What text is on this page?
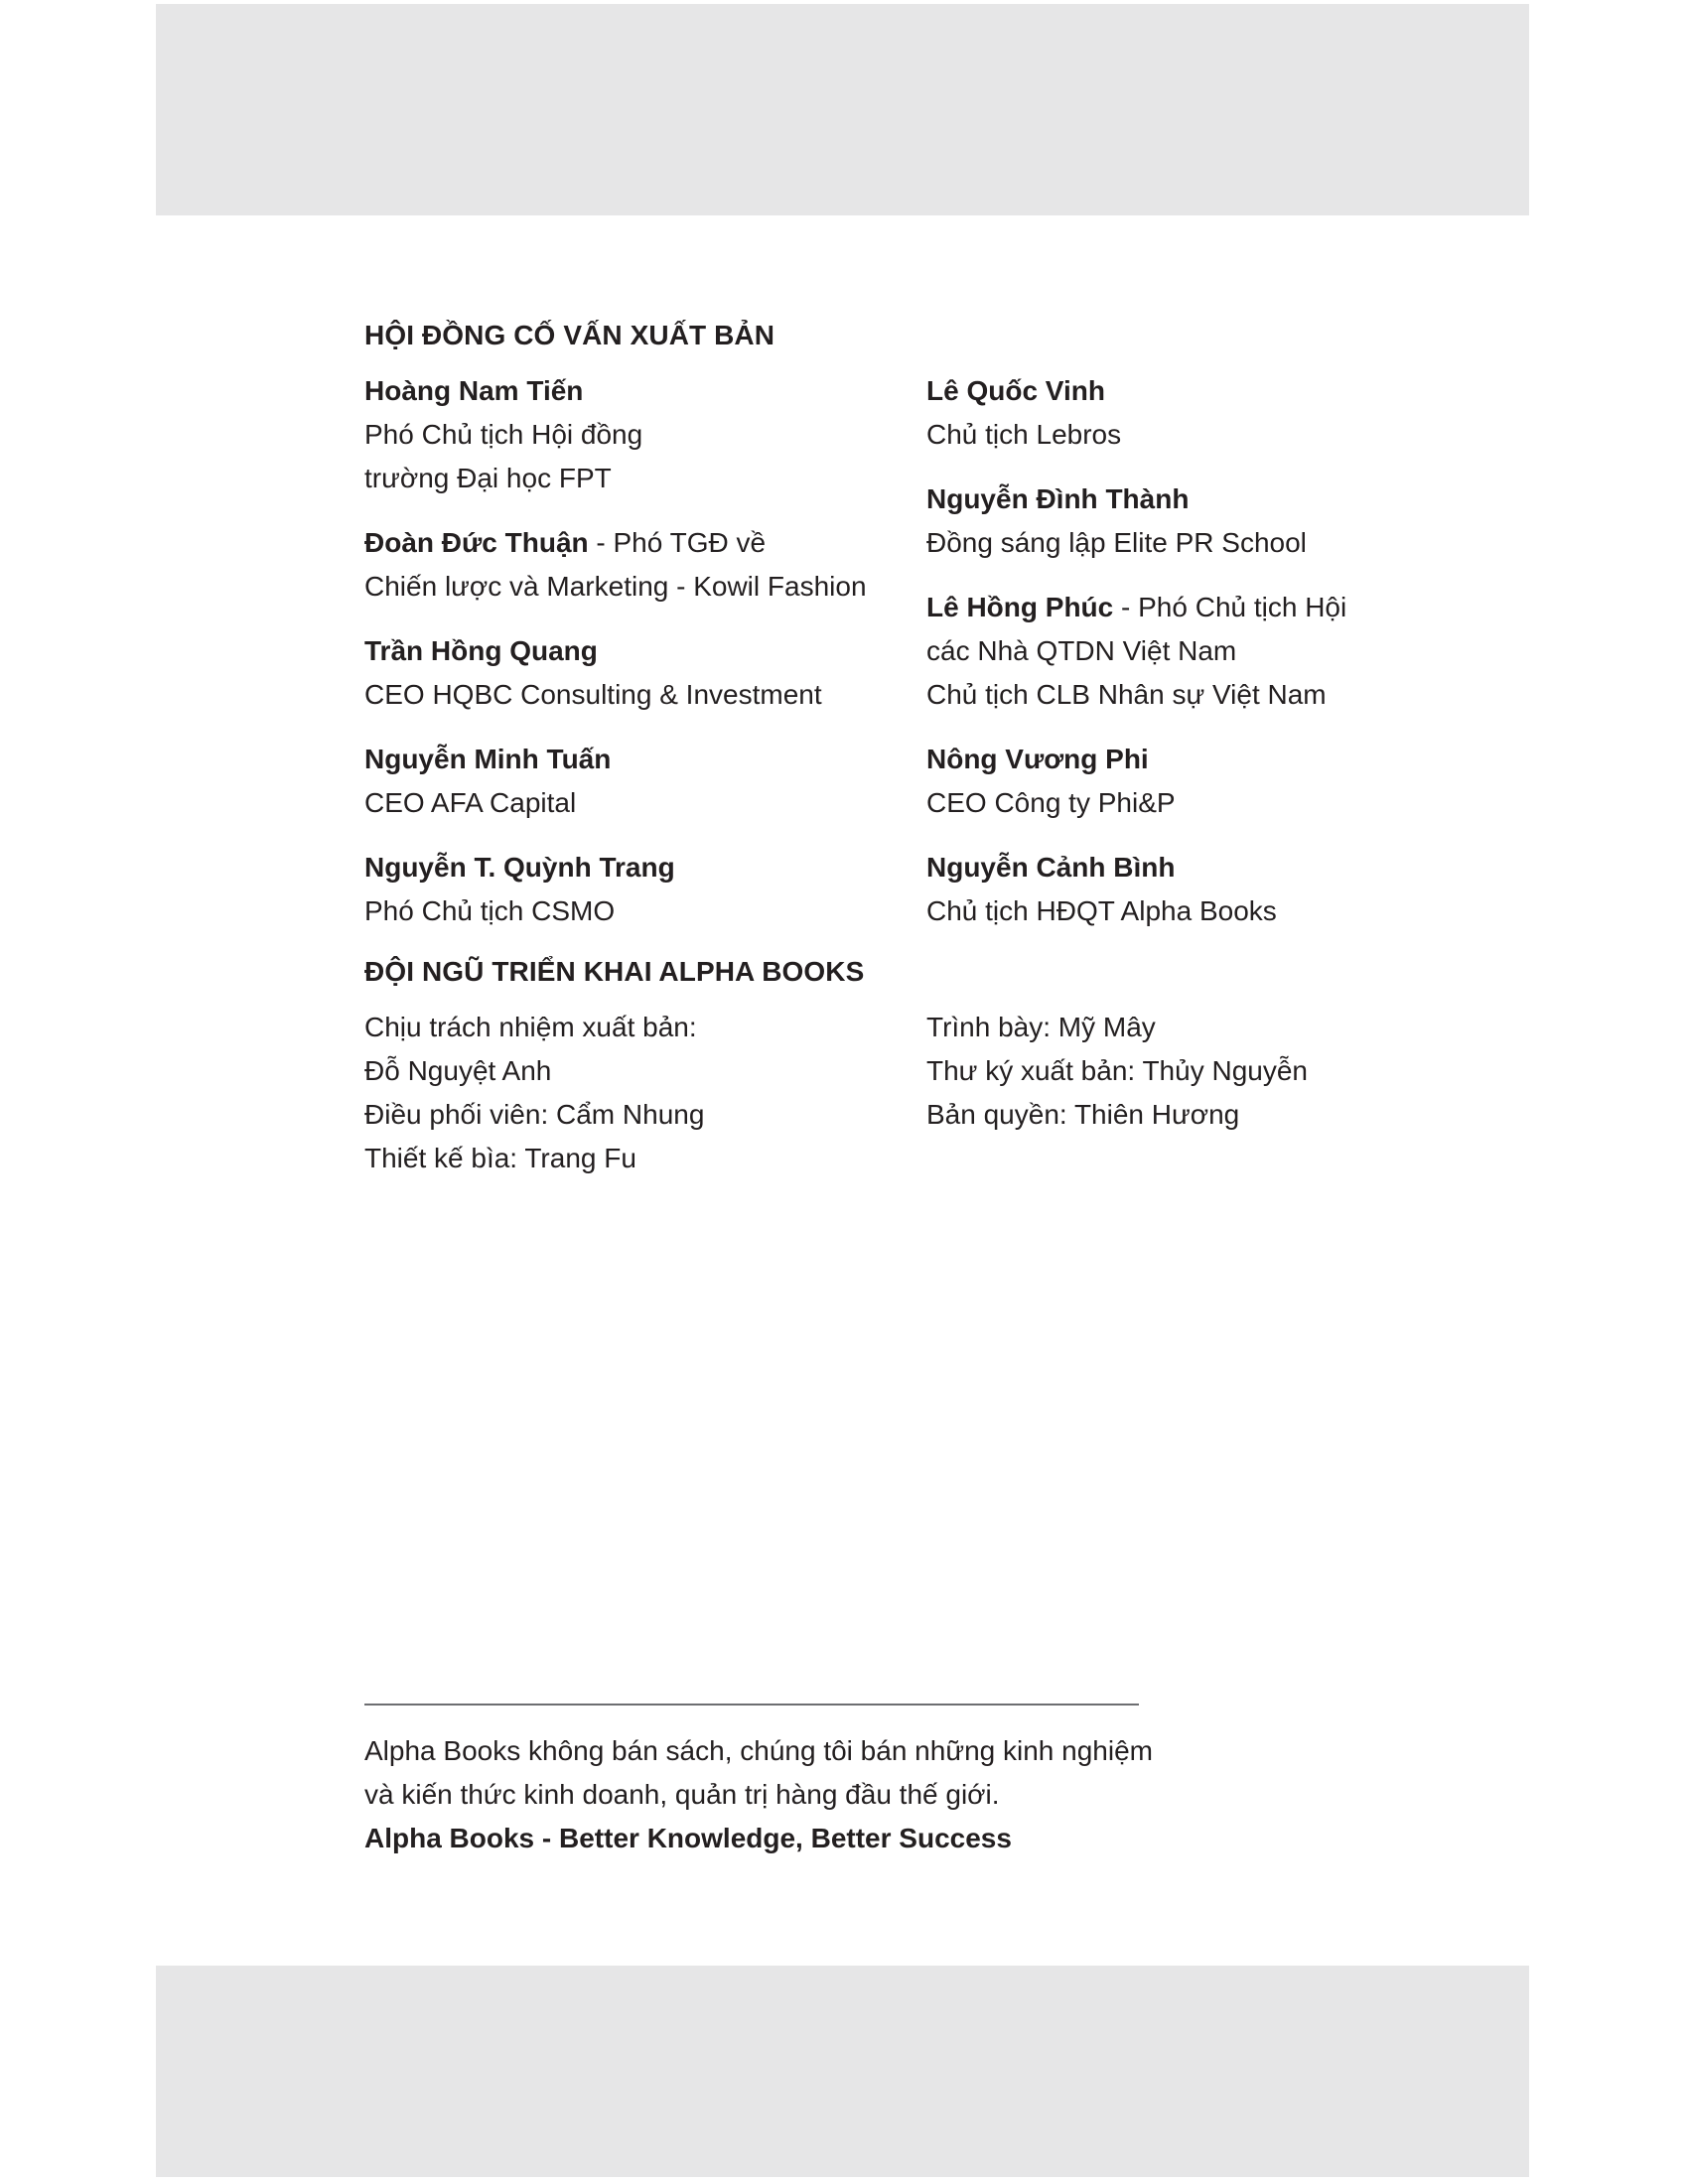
HỘI ĐỒNG CỐ VẤN XUẤT BẢN
Hoàng Nam Tiến
Phó Chủ tịch Hội đồng
trường Đại học FPT
Đoàn Đức Thuận - Phó TGĐ về
Chiến lược và Marketing - Kowil Fashion
Trần Hồng Quang
CEO HQBC Consulting & Investment
Nguyễn Minh Tuấn
CEO AFA Capital
Nguyễn T. Quỳnh Trang
Phó Chủ tịch CSMO
Lê Quốc Vinh
Chủ tịch Lebros
Nguyễn Đình Thành
Đồng sáng lập Elite PR School
Lê Hồng Phúc - Phó Chủ tịch Hội
các Nhà QTDN Việt Nam
Chủ tịch CLB Nhân sự Việt Nam
Nông Vương Phi
CEO Công ty Phi&P
Nguyễn Cảnh Bình
Chủ tịch HĐQT Alpha Books
ĐỘI NGŨ TRIỂN KHAI ALPHA BOOKS
Chịu trách nhiệm xuất bản:
Đỗ Nguyệt Anh
Điều phối viên: Cẩm Nhung
Thiết kế bìa: Trang Fu
Trình bày: Mỹ Mây
Thư ký xuất bản: Thủy Nguyễn
Bản quyền: Thiên Hương
Alpha Books không bán sách, chúng tôi bán những kinh nghiệm
và kiến thức kinh doanh, quản trị hàng đầu thế giới.
Alpha Books - Better Knowledge, Better Success
